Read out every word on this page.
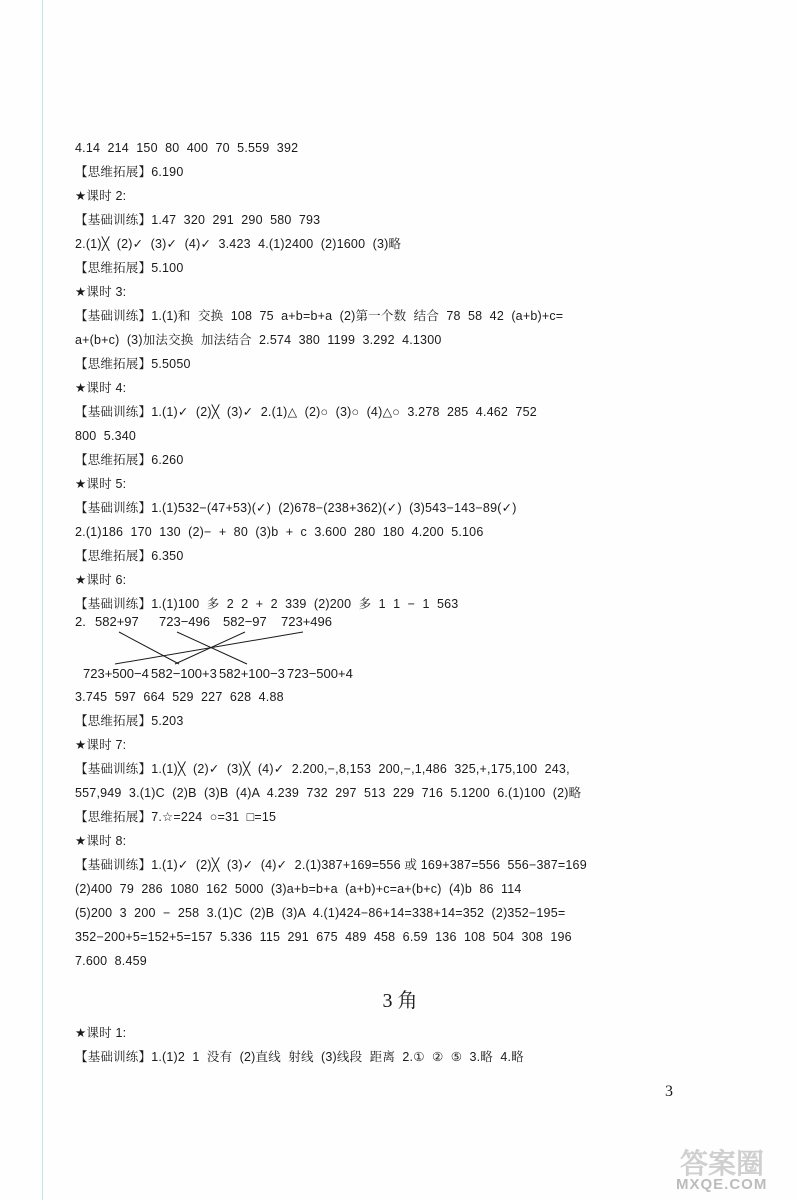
4.14  214  150  80  400  70  5.559  392
【思维拓展】6.190
★课时 2:
【基础训练】1.47  320  291  290  580  793
2.(1)╳  (2)✓  (3)✓  (4)✓  3.423  4.(1)2400  (2)1600  (3)略
【思维拓展】5.100
★课时 3:
【基础训练】1.(1)和  交换  108  75  a+b=b+a  (2)第一个数  结合  78  58  42  (a+b)+c=
a+(b+c)  (3)加法交换  加法结合  2.574  380  1199  3.292  4.1300
【思维拓展】5.5050
★课时 4:
【基础训练】1.(1)✓  (2)╳  (3)✓  2.(1)△  (2)○  (3)○  (4)△○  3.278  285  4.462  752
800  5.340
【思维拓展】6.260
★课时 5:
【基础训练】1.(1)532−(47+53)(✓)  (2)678−(238+362)(✓)  (3)543−143−89(✓)
2.(1)186  170  130  (2)−  +  80  (3)b  +  c  3.600  280  180  4.200  5.106
【思维拓展】6.350
★课时 6:
【基础训练】1.(1)100  多  2  2  +  2  339  (2)200  多  1  1  −  1  563
3.745  597  664  529  227  628  4.88
【思维拓展】5.203
★课时 7:
【基础训练】1.(1)╳  (2)✓  (3)╳  (4)✓  2.200,−,8,153  200,−,1,486  325,+,175,100  243,
557,949  3.(1)C  (2)B  (3)B  (4)A  4.239  732  297  513  229  716  5.1200  6.(1)100  (2)略
【思维拓展】7.☆=224  ○=31  □=15
★课时 8:
【基础训练】1.(1)✓  (2)╳  (3)✓  (4)✓  2.(1)387+169=556 或 169+387=556  556−387=169
(2)400  79  286  1080  162  5000  (3)a+b=b+a  (a+b)+c=a+(b+c)  (4)b  86  114
(5)200  3  200  −  258  3.(1)C  (2)B  (3)A  4.(1)424−86+14=338+14=352  (2)352−195=
352−200+5=152+5=157  5.336  115  291  675  489  458  6.59  136  108  504  308  196
7.600  8.459
3 角
★课时 1:
【基础训练】1.(1)2  1  没有  (2)直线  射线  (3)线段  距离  2.①  ②  ⑤  3.略  4.略
2. 582+97 723−496 582−97 723+496
723+500−4 582−100+3 582+100−3 723−500+4
3
答案圈
MXQE.COM
